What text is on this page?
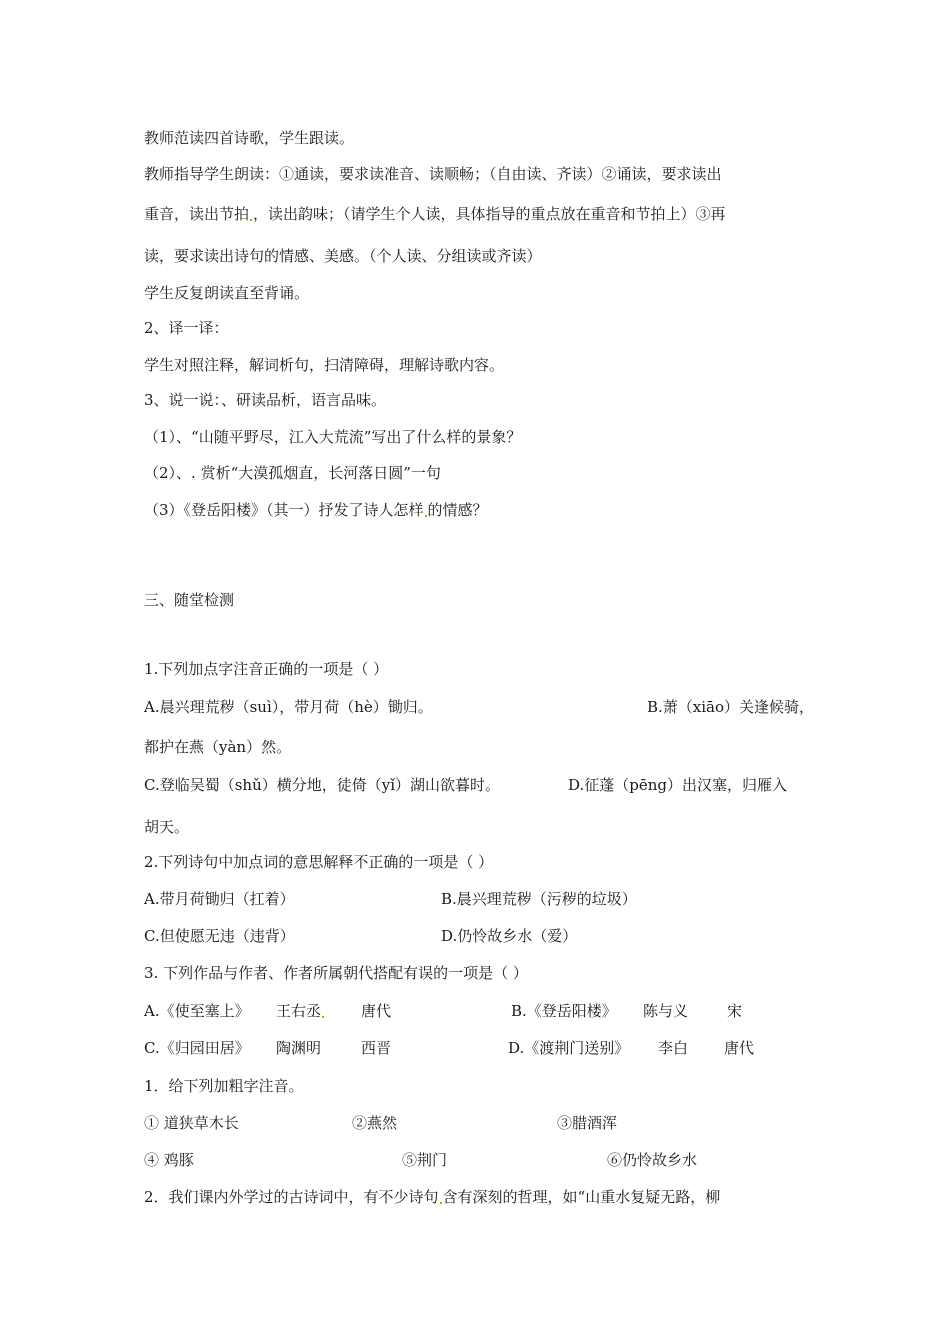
教师范读四首诗歌，学生跟读。
教师指导学生朗读：①通读，要求读准音、读顺畅；（自由读、齐读）②诵读，要求读出
重音，读出节拍 ，读出韵味；（请学生个人读，具体指导的重点放在重音和节拍上）③再
读，要求读出诗句的情感、美感。（个人读、分组读或齐读）
学生反复朗读直至背诵。
2、译一译：
学生对照注释，解词析句，扫清障碍，理解诗歌内容。
3、说一说：、研读品析，语言品味。
（1）、“山随平野尽，江入大荒流”写出了什么样的景象？
（2）、. 赏析“大漠孤烟直，长河落日圆”一句
（3）《登岳阳楼》（其一）抒发了诗人怎样 的情感？
三、随堂检测
1.下列加点字注音正确的一项是（ ）
A.晨兴理荒秽（suì），带月荷（hè）锄归。	B.萧（xiāo）关逢候骑，
都护在燕（yàn）然。
C.登临吴蜀（shǔ）横分地，徒倚（yǐ）湖山欲暮时。	D.征蓬（pēng）出汉塞，归雁入
胡天。
2.下列诗句中加点词的意思解释不正确的一项是（ ）
A.带月荷锄归（扛着）	B.晨兴理荒秽（污秽的垃圾）
C.但使愿无违（违背）	D.仍怜故乡水（爱）
3. 下列作品与作者、作者所属朝代搭配有误的一项是（ ）
A.《使至塞上》 王右丞	唐代	B.《登岳阳楼》 陈与义	宋
C.《归园田居》 陶渊明	西晋	D.《渡荆门送别》 李白 唐代
1．给下列加粗字注音。
① 道狭草木长	②燕然	③腊酒浑
④ 鸡豚	⑤荆门	⑥仍怜故乡水
2．我们课内外学过的古诗词中，有不少诗句 含有深刻的哲理，如“山重水复疑无路，柳
